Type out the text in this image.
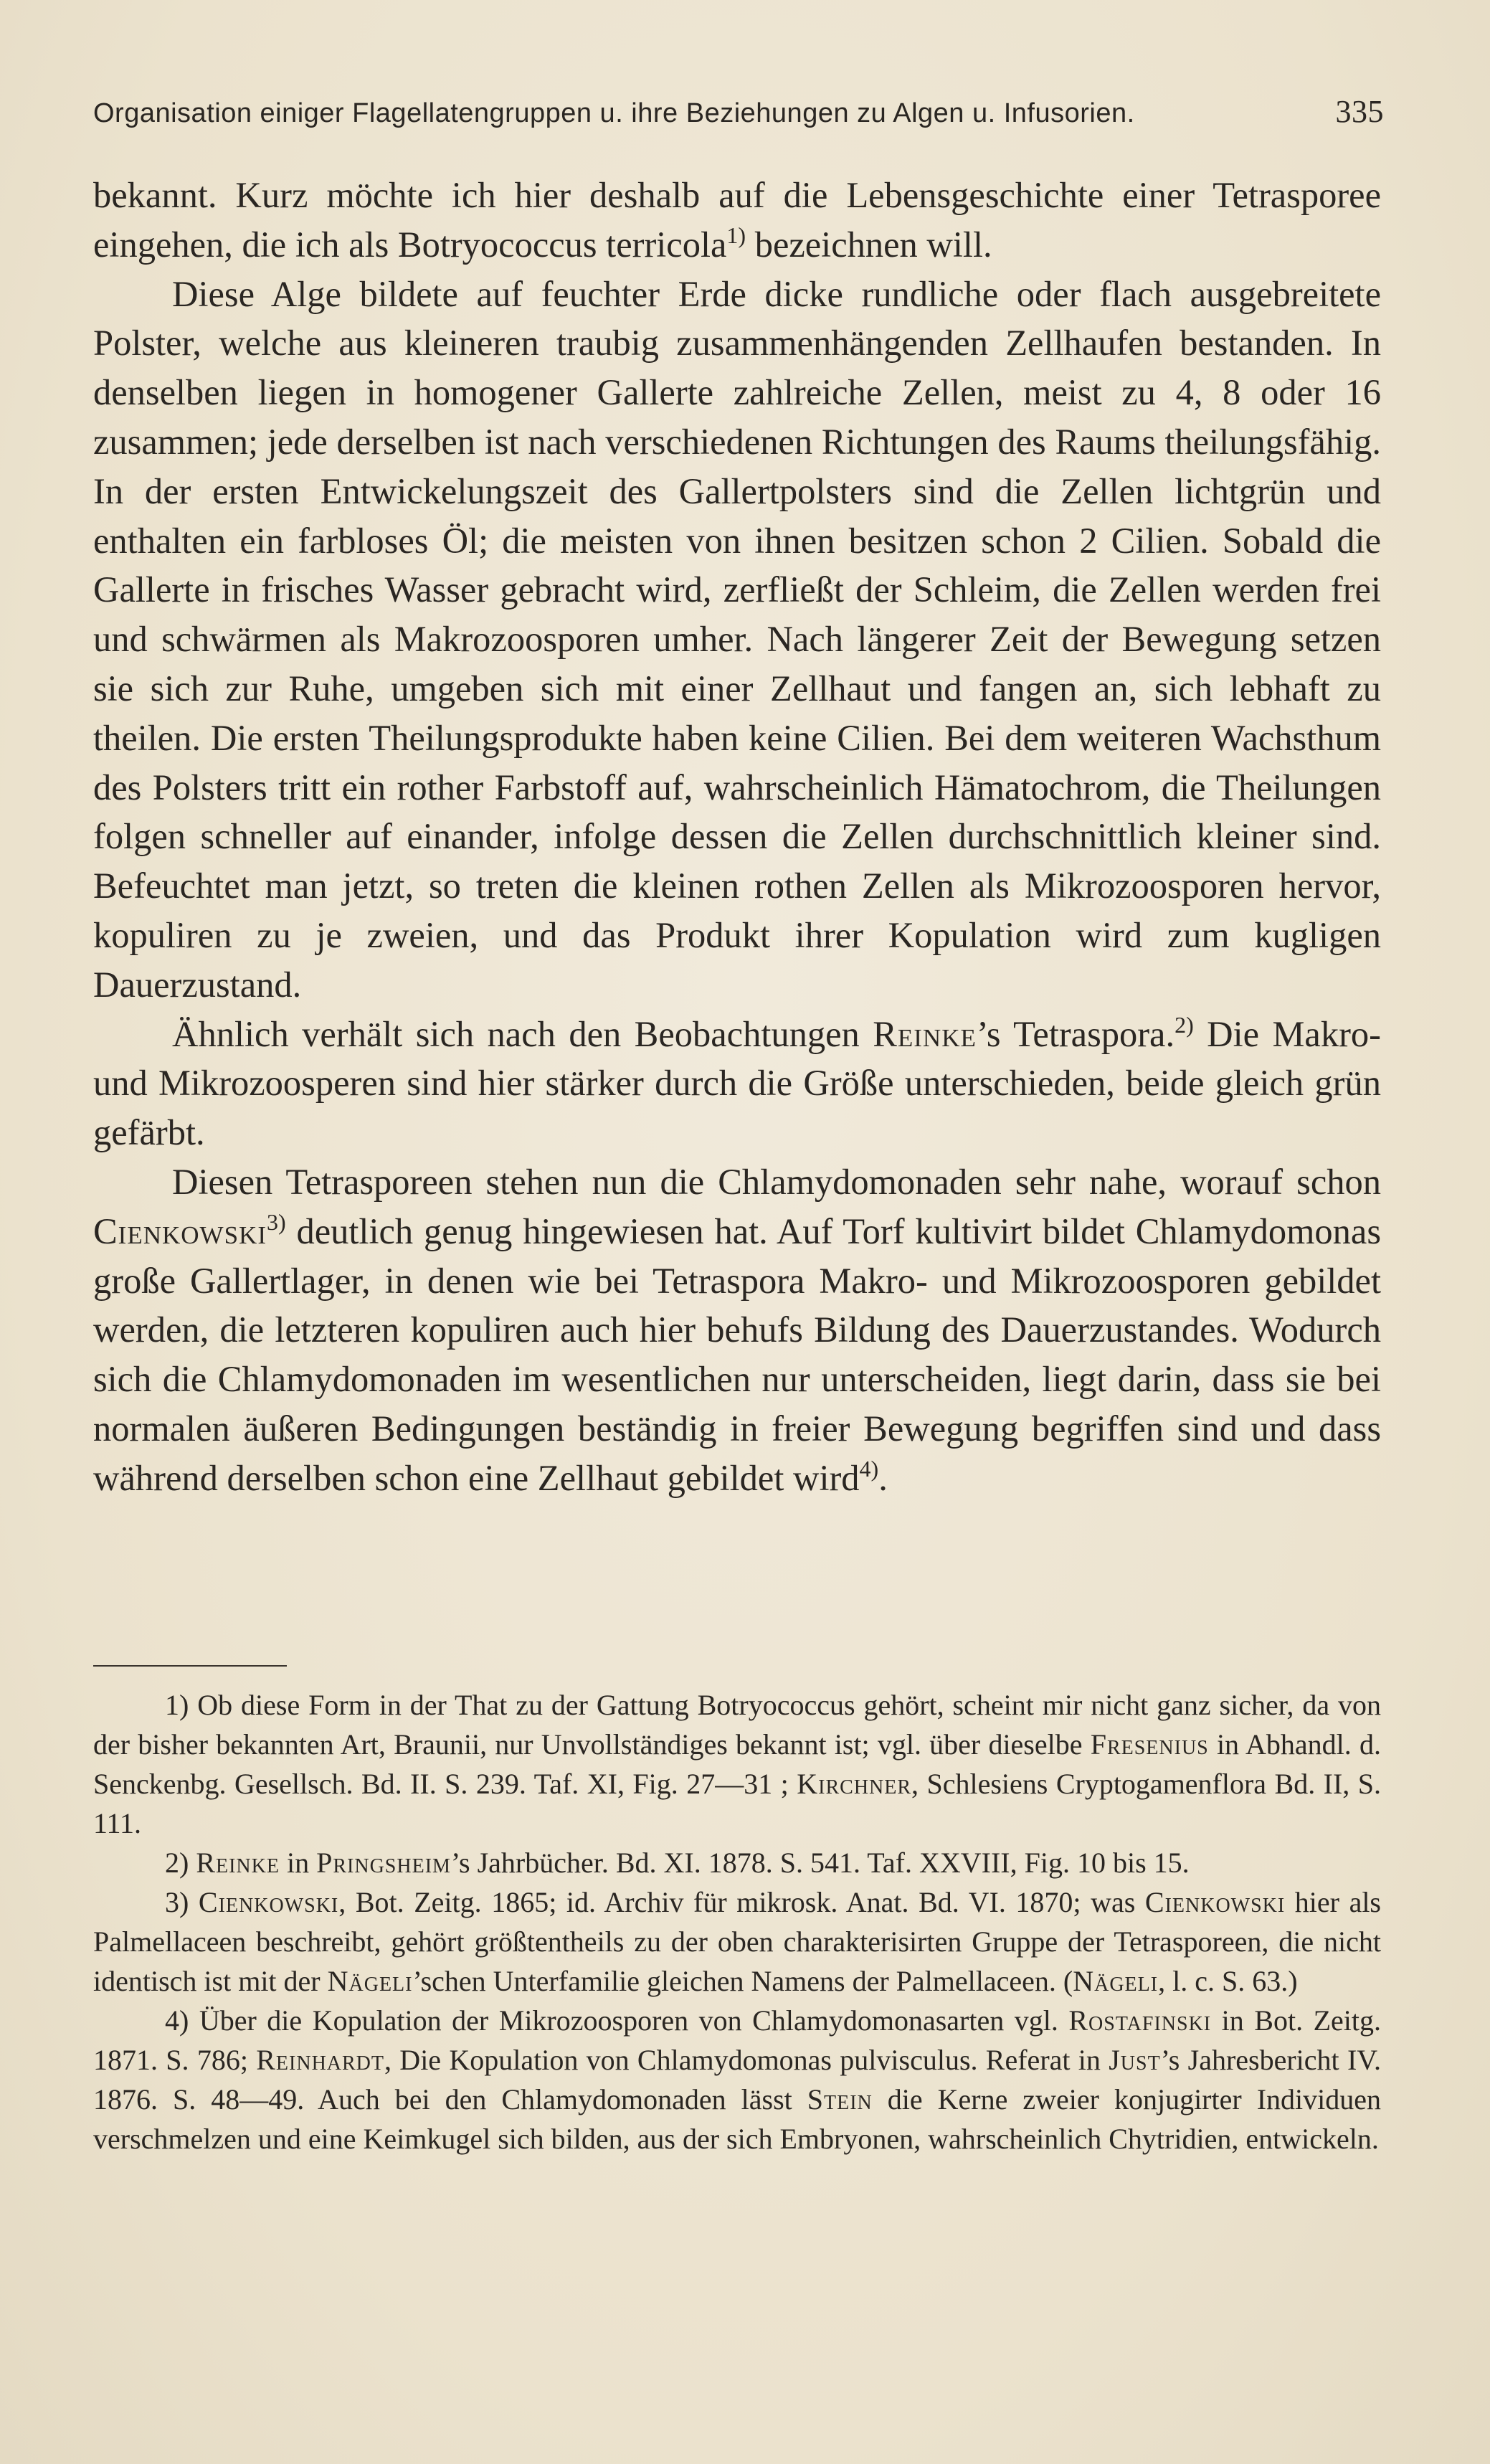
Organisation einiger Flagellatengruppen u. ihre Beziehungen zu Algen u. Infusorien.	335

bekannt. Kurz möchte ich hier deshalb auf die Lebensgeschichte einer Tetrasporee eingehen, die ich als Botryococcus terricola$^{1)}$ bezeichnen will.

Diese Alge bildete auf feuchter Erde dicke rundliche oder flach ausgebreitete Polster, welche aus kleineren traubig zusammenhängenden Zellhaufen bestanden. In denselben liegen in homogener Gallerte zahlreiche Zellen, meist zu 4, 8 oder 16 zusammen; jede derselben ist nach verschiedenen Richtungen des Raums theilungsfähig. In der ersten Entwickelungszeit des Gallertpolsters sind die Zellen lichtgrün und enthalten ein farbloses Öl; die meisten von ihnen besitzen schon 2 Cilien. Sobald die Gallerte in frisches Wasser gebracht wird, zerfließt der Schleim, die Zellen werden frei und schwärmen als Makrozoosporen umher. Nach längerer Zeit der Bewegung setzen sie sich zur Ruhe, umgeben sich mit einer Zellhaut und fangen an, sich lebhaft zu theilen. Die ersten Theilungsprodukte haben keine Cilien. Bei dem weiteren Wachsthum des Polsters tritt ein rother Farbstoff auf, wahrscheinlich Hämatochrom, die Theilungen folgen schneller auf einander, infolge dessen die Zellen durchschnittlich kleiner sind. Befeuchtet man jetzt, so treten die kleinen rothen Zellen als Mikrozoosporen hervor, kopuliren zu je zweien, und das Produkt ihrer Kopulation wird zum kugligen Dauerzustand.

Ähnlich verhält sich nach den Beobachtungen Reinke’s Tetraspora.$^{2)}$ Die Makro- und Mikrozoosperen sind hier stärker durch die Größe unterschieden, beide gleich grün gefärbt.

Diesen Tetrasporeen stehen nun die Chlamydomonaden sehr nahe, worauf schon Cienkowski$^{3)}$ deutlich genug hingewiesen hat. Auf Torf kultivirt bildet Chlamydomonas große Gallertlager, in denen wie bei Tetraspora Makro- und Mikrozoosporen gebildet werden, die letzteren kopuliren auch hier behufs Bildung des Dauerzustandes. Wodurch sich die Chlamydomonaden im wesentlichen nur unterscheiden, liegt darin, dass sie bei normalen äußeren Bedingungen beständig in freier Bewegung begriffen sind und dass während derselben schon eine Zellhaut gebildet wird$^{4)}$.

1) Ob diese Form in der That zu der Gattung Botryococcus gehört, scheint mir nicht ganz sicher, da von der bisher bekannten Art, Braunii, nur Unvollständiges bekannt ist; vgl. über dieselbe Fresenius in Abhandl. d. Senckenbg. Gesellsch. Bd. II. S. 239. Taf. XI, Fig. 27—31 ; Kirchner, Schlesiens Cryptogamenflora Bd. II, S. 111.

2) Reinke in Pringsheim’s Jahrbücher. Bd. XI. 1878. S. 541. Taf. XXVIII, Fig. 10 bis 15.

3) Cienkowski, Bot. Zeitg. 1865; id. Archiv für mikrosk. Anat. Bd. VI. 1870; was Cienkowski hier als Palmellaceen beschreibt, gehört größtentheils zu der oben charakterisirten Gruppe der Tetrasporeen, die nicht identisch ist mit der Nägeli’schen Unterfamilie gleichen Namens der Palmellaceen. (Nägeli, l. c. S. 63.)

4) Über die Kopulation der Mikrozoosporen von Chlamydomonasarten vgl. Rostafinski in Bot. Zeitg. 1871. S. 786; Reinhardt, Die Kopulation von Chlamydomonas pulvisculus. Referat in Just’s Jahresbericht IV. 1876. S. 48—49. Auch bei den Chlamydomonaden lässt Stein die Kerne zweier konjugirter Individuen verschmelzen und eine Keimkugel sich bilden, aus der sich Embryonen, wahrscheinlich Chytridien, entwickeln.
